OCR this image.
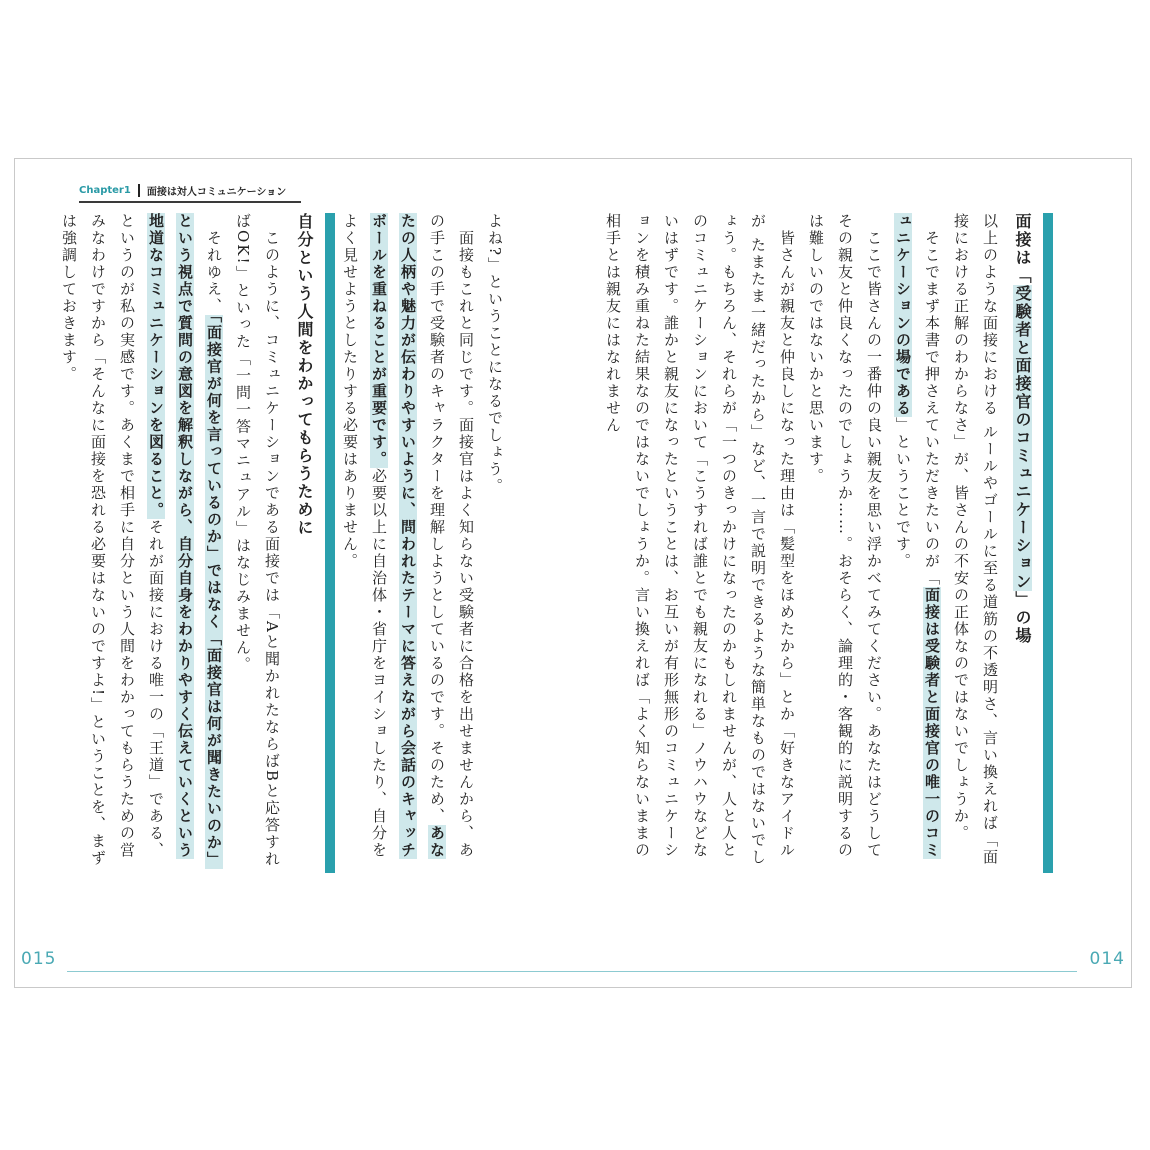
Chapter1 面接は対人コミュニケーション

面接は「受験者と面接官のコミュニケーション」の場

以上のような面接における ルールやゴールに至る道筋の不透明さ、言い換えれば「面接における正解のわからなさ」が、皆さんの不安の正体なのではないでしょうか。

　そこでまず本書で押さえていただきたいのが「面接は受験者と面接官の唯一のコミュニケーションの場である」ということです。

　ここで皆さんの一番仲の良い親友を思い浮かべてみてください。あなたはどうしてその親友と仲良くなったのでしょうか……。おそらく、論理的・客観的に説明するのは難しいのではないかと思います。

　皆さんが親友と仲良しになった理由は「髪型をほめたから」とか「好きなアイドルが たまたま一緒だったから」など、一言で説明できるような簡単なものではないでしょう。もちろん、それらが「一つのきっかけになったのかもしれませんが、人と人とのコミュニケーションにおいて「こうすれば誰とでも親友になれる」ノウハウなどないはずです。誰かと親友になったということは、お互いが有形無形のコミュニケーションを積み重ねた結果なのではないでしょうか。言い換えれば「よく知らないままの相手とは親友にはなれません

よね?」ということになるでしょう。

　面接もこれと同じです。面接官はよく知らない受験者に合格を出せませんから、あの手この手で受験者のキャラクターを理解しようとしているのです。そのため、あなたの人柄や魅力が伝わりやすいように、問われたテーマに答えながら会話のキャッチボールを重ねることが重要です。必要以上に自治体・省庁をヨイショしたり、自分をよく見せようとしたりする必要はありません。

自分という人間をわかってもらうために

　このように、コミュニケーションである面接では「Aと聞かれたならばBと応答すればOK!」といった「一問一答マニュアル」はなじみません。

　それゆえ、「面接官が何を言っているのか」ではなく「面接官は何が聞きたいのか」という視点で質問の意図を解釈しながら、自分自身をわかりやすく伝えていくという地道なコミュニケーションを図ること。それが面接における唯一の「王道」である、というのが私の実感です。あくまで相手に自分という人間をわかってもらうための営みなわけですから「そんなに面接を恐れる必要はないのですよ!」ということを、まずは強調しておきます。

015	014
